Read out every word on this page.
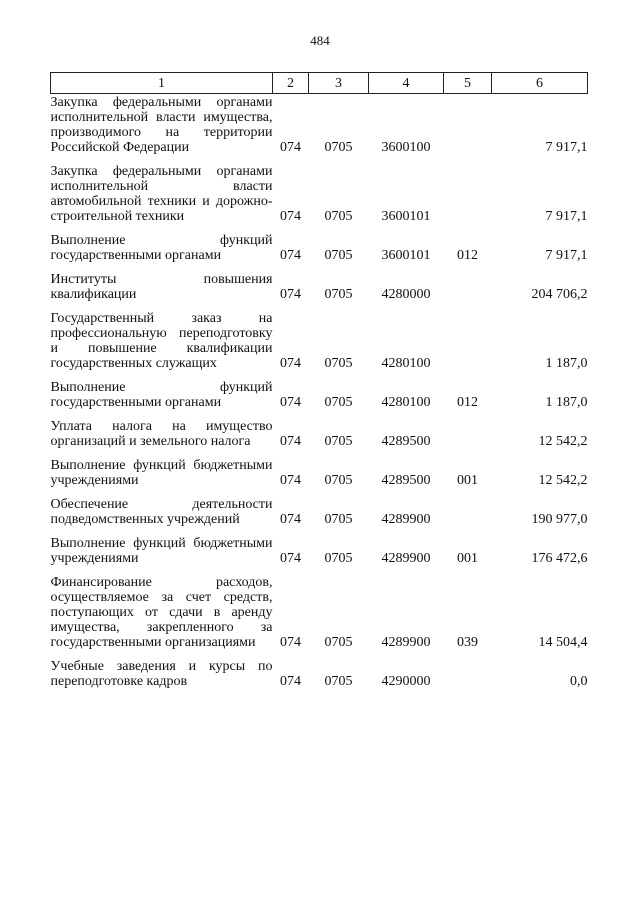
484
1	2	3	4	5	6
Закупка федеральными органами исполнительной власти имущества, производимого на территории Российской Федерации	074	0705	3600100		7 917,1
Закупка федеральными органами исполнительной власти автомобильной техники и дорожно-строительной техники	074	0705	3600101		7 917,1
Выполнение функций государственными органами	074	0705	3600101	012	7 917,1
Институты повышения квалификации	074	0705	4280000		204 706,2
Государственный заказ на профессиональную переподготовку и повышение квалификации государственных служащих	074	0705	4280100		1 187,0
Выполнение функций государственными органами	074	0705	4280100	012	1 187,0
Уплата налога на имущество организаций и земельного налога	074	0705	4289500		12 542,2
Выполнение функций бюджетными учреждениями	074	0705	4289500	001	12 542,2
Обеспечение деятельности подведомственных учреждений	074	0705	4289900		190 977,0
Выполнение функций бюджетными учреждениями	074	0705	4289900	001	176 472,6
Финансирование расходов, осуществляемое за счет средств, поступающих от сдачи в аренду имущества, закрепленного за государственными организациями	074	0705	4289900	039	14 504,4
Учебные заведения и курсы по переподготовке кадров	074	0705	4290000		0,0
